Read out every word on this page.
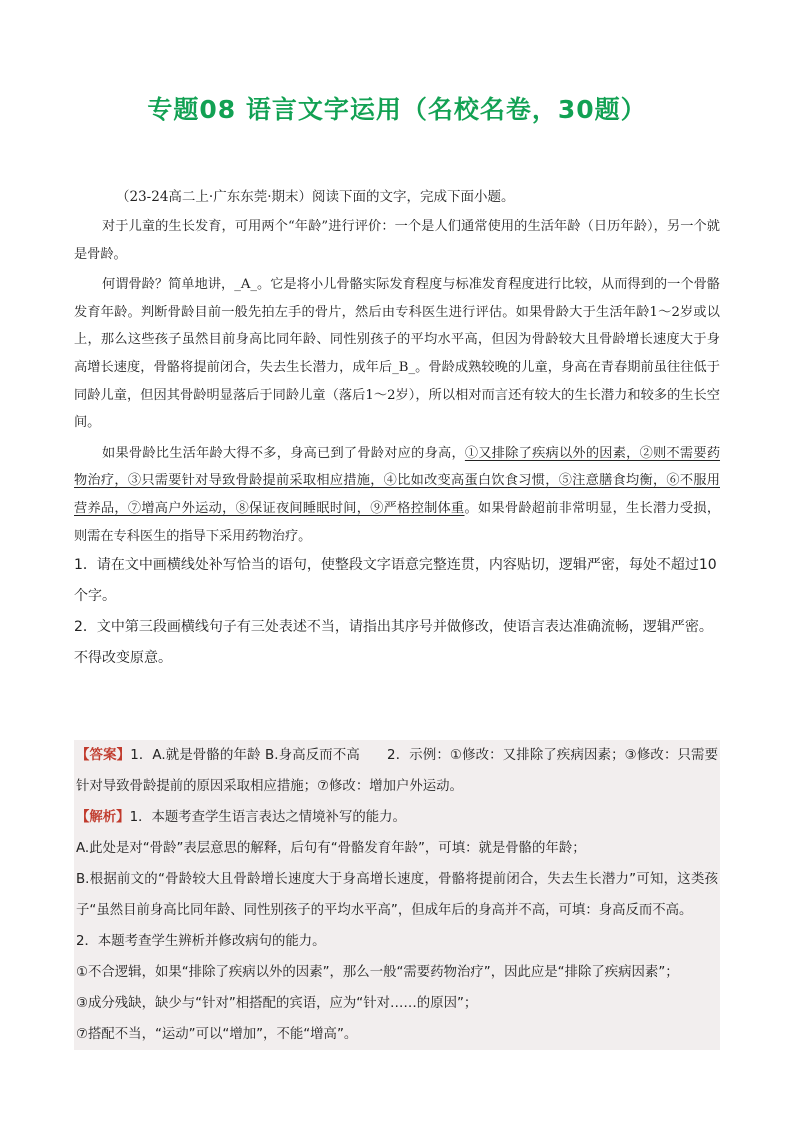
专题08 语言文字运用（名校名卷，30题）

（23-24高二上·广东东莞·期末）阅读下面的文字，完成下面小题。

对于儿童的生长发育，可用两个“年龄”进行评价：一个是人们通常使用的生活年龄（日历年龄），另一个就是骨龄。

何谓骨龄？简单地讲，_A_。它是将小儿骨骼实际发育程度与标准发育程度进行比较，从而得到的一个骨骼发育年龄。判断骨龄目前一般先拍左手的骨片，然后由专科医生进行评估。如果骨龄大于生活年龄1～2岁或以上，那么这些孩子虽然目前身高比同年龄、同性别孩子的平均水平高，但因为骨龄较大且骨龄增长速度大于身高增长速度，骨骼将提前闭合，失去生长潜力，成年后_B_。骨龄成熟较晚的儿童，身高在青春期前虽往往低于同龄儿童，但因其骨龄明显落后于同龄儿童（落后1～2岁），所以相对而言还有较大的生长潜力和较多的生长空间。

如果骨龄比生活年龄大得不多，身高已到了骨龄对应的身高，①又排除了疾病以外的因素，②则不需要药物治疗，③只需要针对导致骨龄提前采取相应措施，④比如改变高蛋白饮食习惯，⑤注意膳食均衡，⑥不服用营养品，⑦增高户外运动，⑧保证夜间睡眠时间，⑨严格控制体重。如果骨龄超前非常明显，生长潜力受损，则需在专科医生的指导下采用药物治疗。

1．请在文中画横线处补写恰当的语句，使整段文字语意完整连贯，内容贴切，逻辑严密，每处不超过10个字。

2．文中第三段画横线句子有三处表述不当，请指出其序号并做修改，使语言表达准确流畅，逻辑严密。不得改变原意。

【答案】1．A.就是骨骼的年龄 B.身高反而不高　　2．示例：①修改：又排除了疾病因素；③修改：只需要针对导致骨龄提前的原因采取相应措施；⑦修改：增加户外运动。

【解析】1．本题考查学生语言表达之情境补写的能力。

A.此处是对“骨龄”表层意思的解释，后句有“骨骼发育年龄”，可填：就是骨骼的年龄；

B.根据前文的“骨龄较大且骨龄增长速度大于身高增长速度，骨骼将提前闭合，失去生长潜力”可知，这类孩子“虽然目前身高比同年龄、同性别孩子的平均水平高”，但成年后的身高并不高，可填：身高反而不高。

2．本题考查学生辨析并修改病句的能力。

①不合逻辑，如果“排除了疾病以外的因素”，那么一般“需要药物治疗”，因此应是“排除了疾病因素”；

③成分残缺，缺少与“针对”相搭配的宾语，应为“针对……的原因”；

⑦搭配不当，“运动”可以“增加”，不能“增高”。
